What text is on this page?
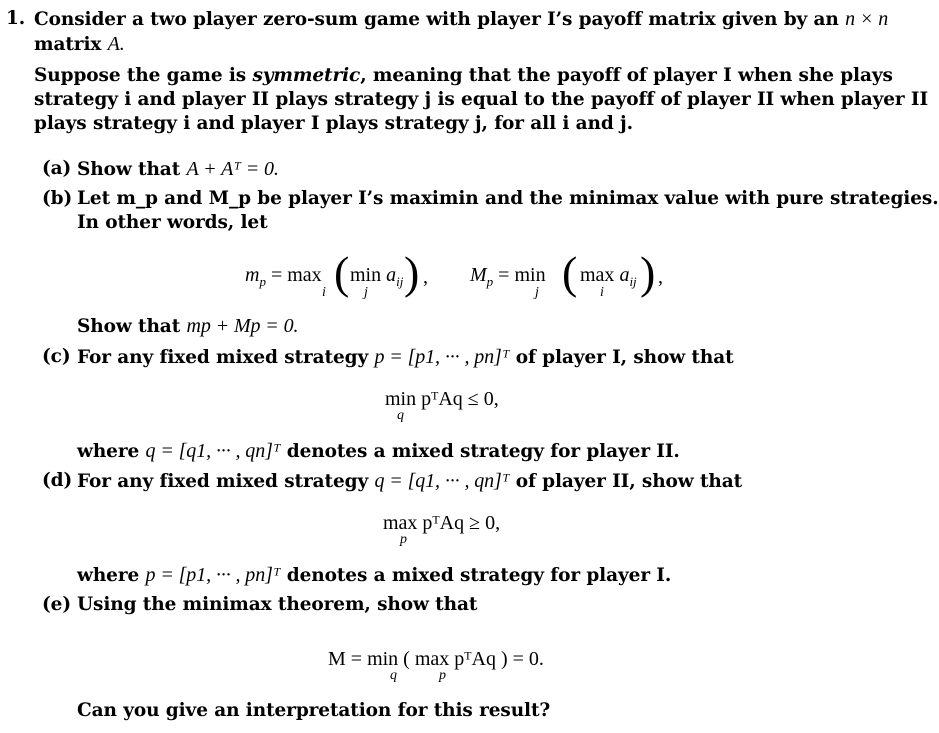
1. Consider a two player zero-sum game with player I’s payoff matrix given by an n × n
matrix A.
Suppose the game is symmetric, meaning that the payoff of player I when she plays
strategy i and player II plays strategy j is equal to the payoff of player II when player II
plays strategy i and player I plays strategy j, for all i and j.
(a) Show that A + Aᵀ = 0.
(b) Let m_p and M_p be player I’s maximin and the minimax value with pure strategies.
In other words, let
$m_p = \max$
i ( $\min a_{ij}$
j ) , $M_p = \min$
j ( $\max a_{ij}$
i ) ,
Show that mp + Mp = 0.
(c) For any fixed mixed strategy p = [p1, ··· , pn]ᵀ of player I, show that
min pᵀAq ≤ 0,
q
where q = [q1, ··· , qn]ᵀ denotes a mixed strategy for player II.
(d) For any fixed mixed strategy q = [q1, ··· , qn]ᵀ of player II, show that
max pᵀAq ≥ 0,
p
where p = [p1, ··· , pn]ᵀ denotes a mixed strategy for player I.
(e) Using the minimax theorem, show that
M = min ( max pᵀAq ) = 0.
q	p
Can you give an interpretation for this result?
